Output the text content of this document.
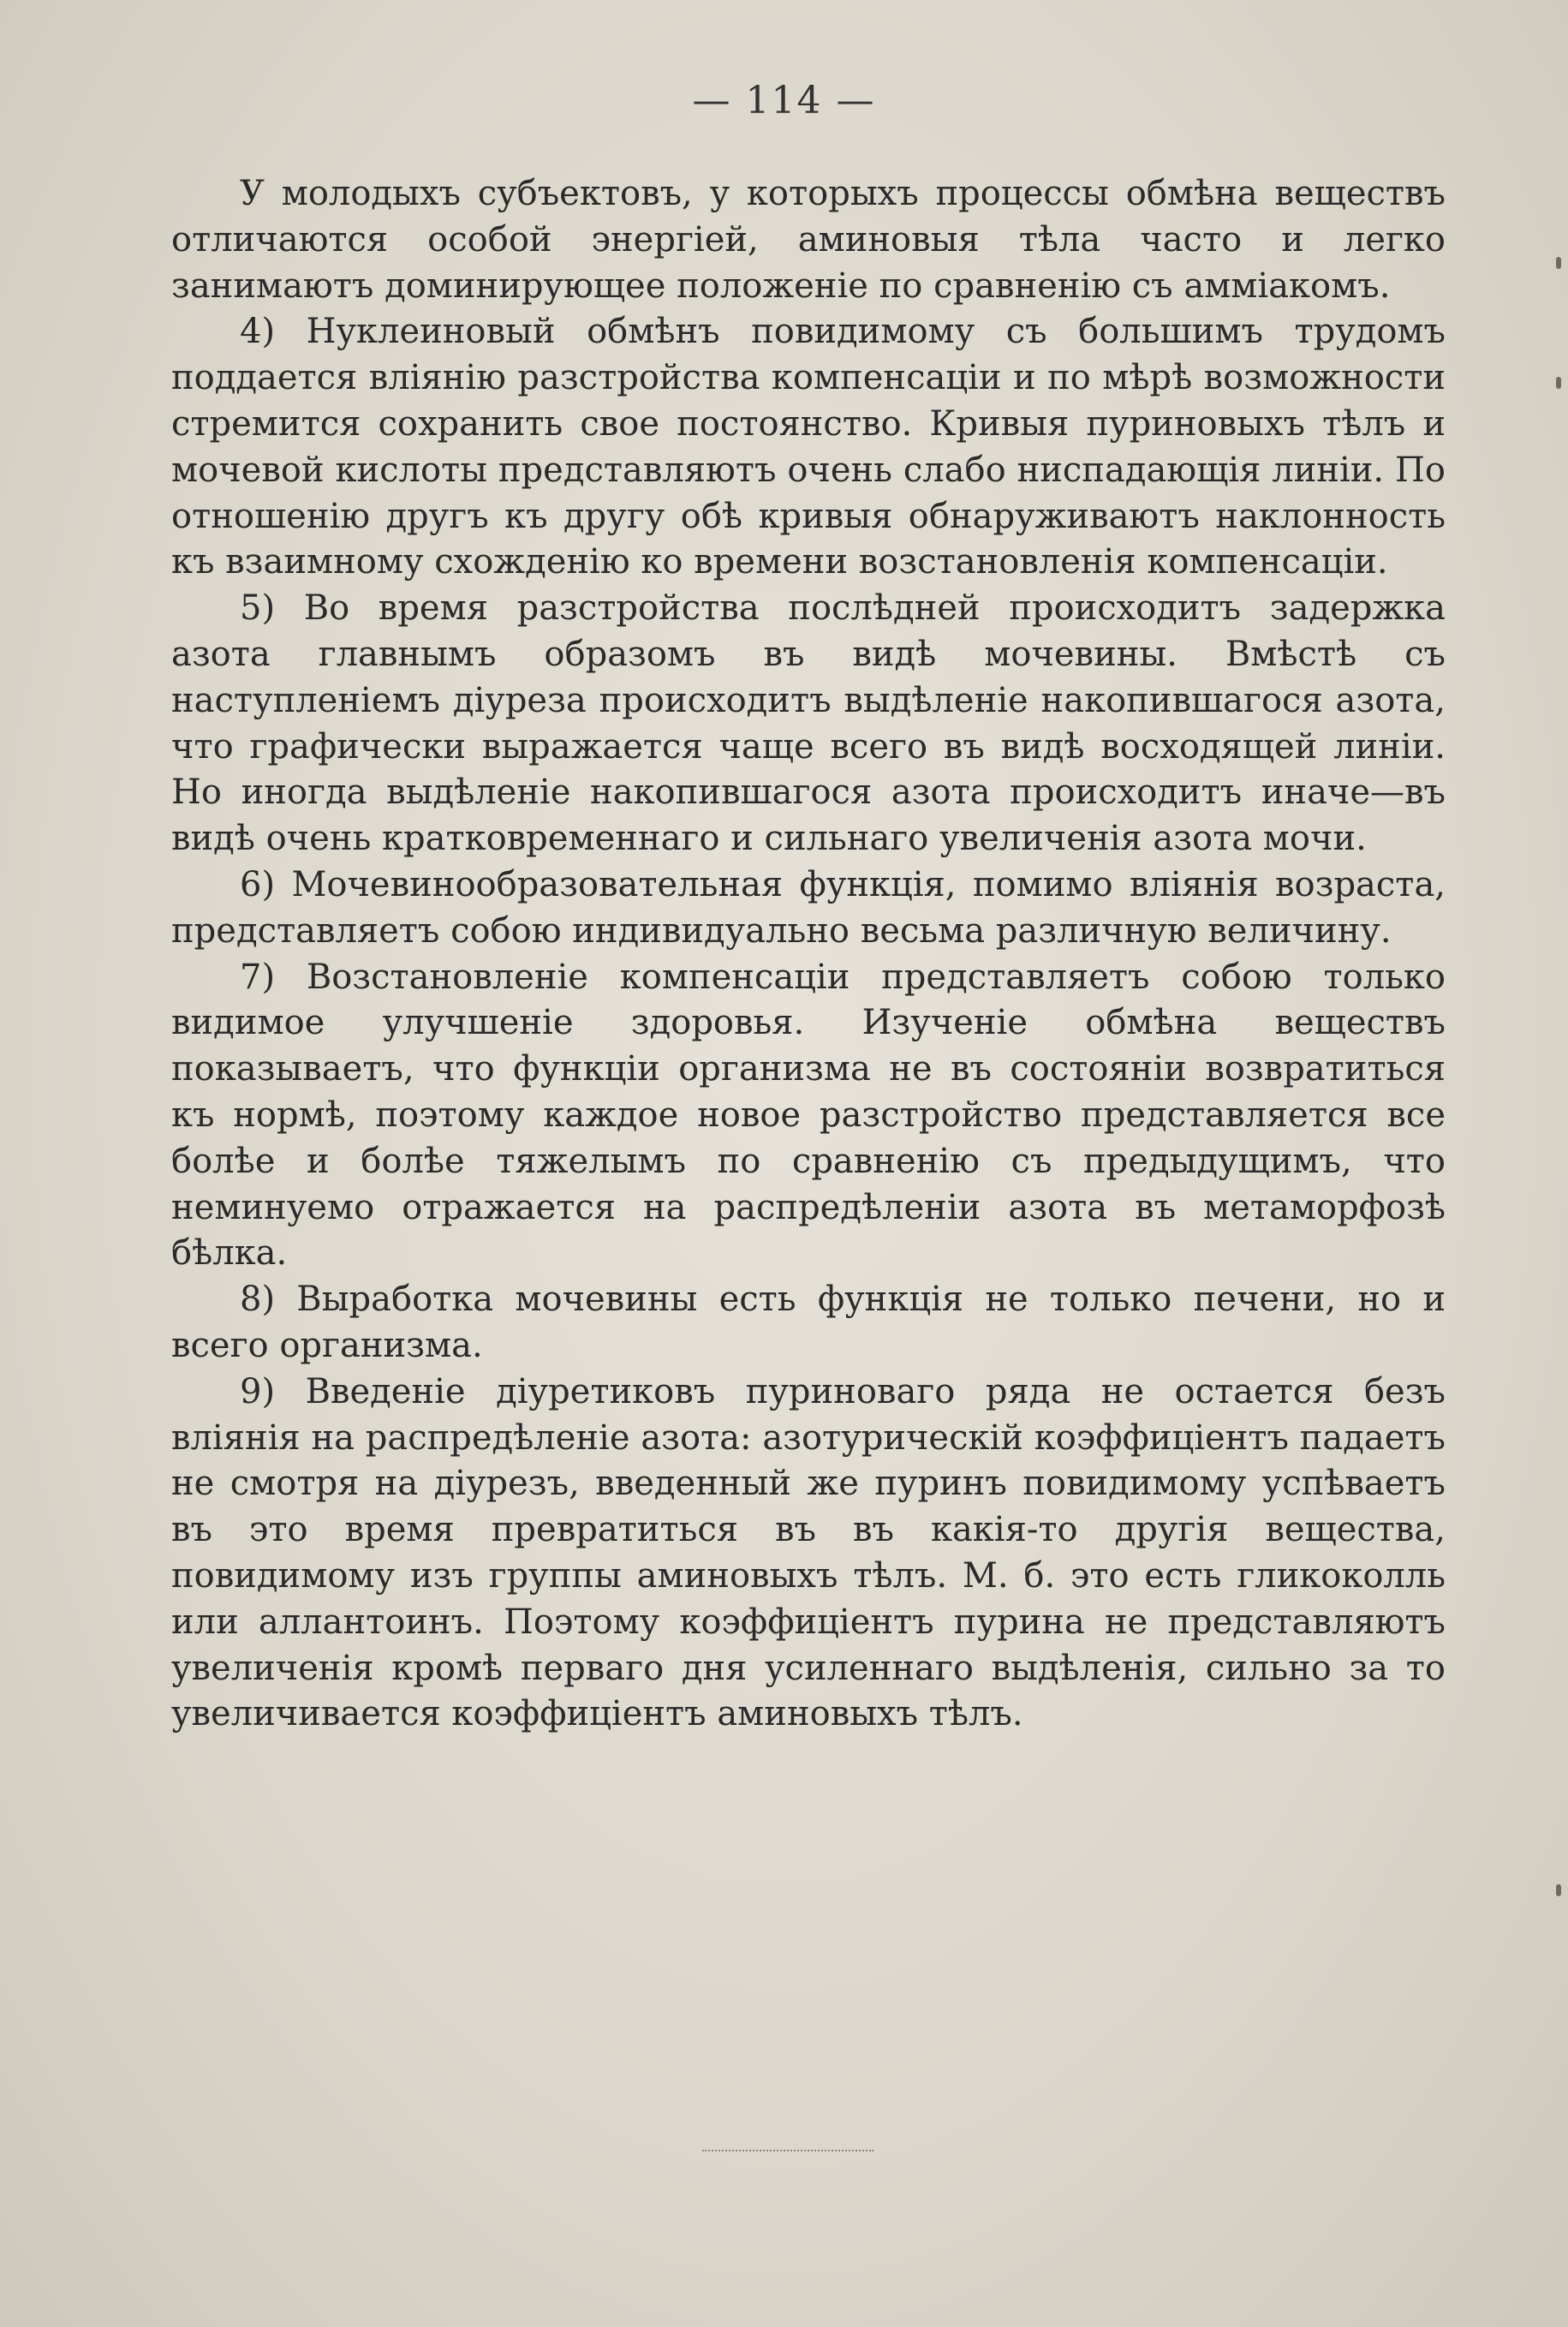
— 114 —

У молодыхъ субъектовъ, у которыхъ процессы обмѣна веществъ отличаются особой энергіей, аминовыя тѣла часто и легко занимаютъ доминирующее положеніе по сравненію съ аммiакомъ.

4) Нуклеиновый обмѣнъ повидимому съ большимъ трудомъ поддается вліянію разстройства компенсаціи и по мѣрѣ возможности стремится сохранить свое постоянство. Кривыя пуриновыхъ тѣлъ и мочевой кислоты представляютъ очень слабо ниспадающія линіи. По отношенію другъ къ другу обѣ кривыя обнаруживаютъ наклонность къ взаимному схожденію ко времени возстановленія компенсаціи.

5) Во время разстройства послѣдней происходитъ задержка азота главнымъ образомъ въ видѣ мочевины. Вмѣстѣ съ наступленіемъ діуреза происходитъ выдѣленіе накопившагося азота, что графически выражается чаще всего въ видѣ восходящей линіи. Но иногда выдѣленіе накопившагося азота происходитъ иначе—въ видѣ очень кратковременнаго и сильнаго увеличенія азота мочи.

6) Мочевинообразовательная функція, помимо вліянія возраста, представляетъ собою индивидуально весьма различную величину.

7) Возстановленіе компенсаціи представляетъ собою только видимое улучшеніе здоровья. Изученіе обмѣна веществъ показываетъ, что функціи организма не въ состояніи возвратиться къ нормѣ, поэтому каждое новое разстройство представляется все болѣе и болѣе тяжелымъ по сравненію съ предыдущимъ, что неминуемо отражается на распредѣленіи азота въ метаморфозѣ бѣлка.

8) Выработка мочевины есть функція не только печени, но и всего организма.

9) Введеніе діуретиковъ пуриноваго ряда не остается безъ вліянія на распредѣленіе азота: азотурическій коэффиціентъ падаетъ не смотря на діурезъ, введенный же пуринъ повидимому успѣваетъ въ это время превратиться въ въ какія-то другія вещества, повидимому изъ группы аминовыхъ тѣлъ. М. б. это есть гликоколль или аллантоинъ. Поэтому коэффиціентъ пурина не представляютъ увеличенія кромѣ перваго дня усиленнаго выдѣленія, сильно за то увеличивается коэффиціентъ аминовыхъ тѣлъ.
